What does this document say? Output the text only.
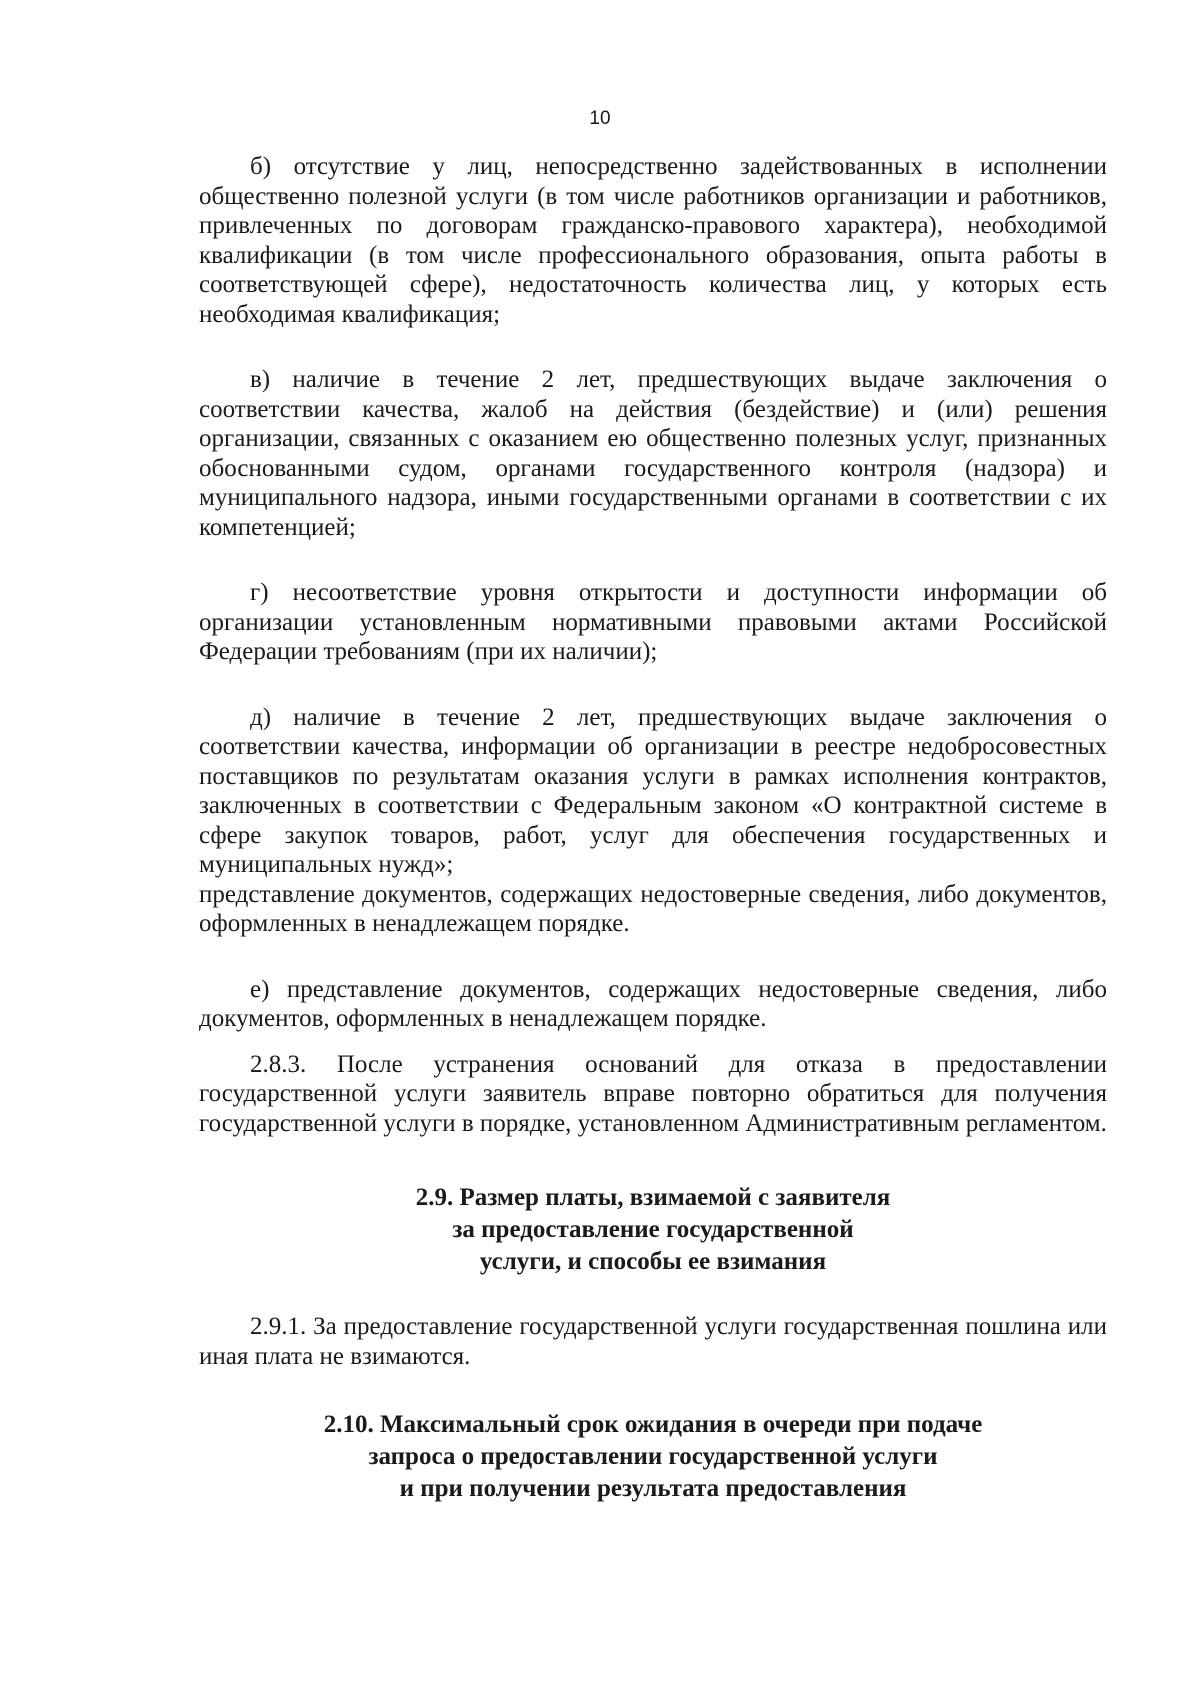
10

б) отсутствие у лиц, непосредственно задействованных в исполнении общественно полезной услуги (в том числе работников организации и работников, привлеченных по договорам гражданско-правового характера), необходимой квалификации (в том числе профессионального образования, опыта работы в соответствующей сфере), недостаточность количества лиц, у которых есть необходимая квалификация;

в) наличие в течение 2 лет, предшествующих выдаче заключения о соответствии качества, жалоб на действия (бездействие) и (или) решения организации, связанных с оказанием ею общественно полезных услуг, признанных обоснованными судом, органами государственного контроля (надзора) и муниципального надзора, иными государственными органами в соответствии с их компетенцией;

г) несоответствие уровня открытости и доступности информации об организации установленным нормативными правовыми актами Российской Федерации требованиям (при их наличии);

д) наличие в течение 2 лет, предшествующих выдаче заключения о соответствии качества, информации об организации в реестре недобросовестных поставщиков по результатам оказания услуги в рамках исполнения контрактов, заключенных в соответствии с Федеральным законом «О контрактной системе в сфере закупок товаров, работ, услуг для обеспечения государственных и муниципальных нужд»;

представление документов, содержащих недостоверные сведения, либо документов, оформленных в ненадлежащем порядке.

е) представление документов, содержащих недостоверные сведения, либо документов, оформленных в ненадлежащем порядке.

2.8.3. После устранения оснований для отказа в предоставлении государственной услуги заявитель вправе повторно обратиться для получения государственной услуги в порядке, установленном Административным регламентом.

2.9. Размер платы, взимаемой с заявителя
за предоставление государственной
услуги, и способы ее взимания

2.9.1. За предоставление государственной услуги государственная пошлина или иная плата не взимаются.

2.10. Максимальный срок ожидания в очереди при подаче
запроса о предоставлении государственной услуги
и при получении результата предоставления
